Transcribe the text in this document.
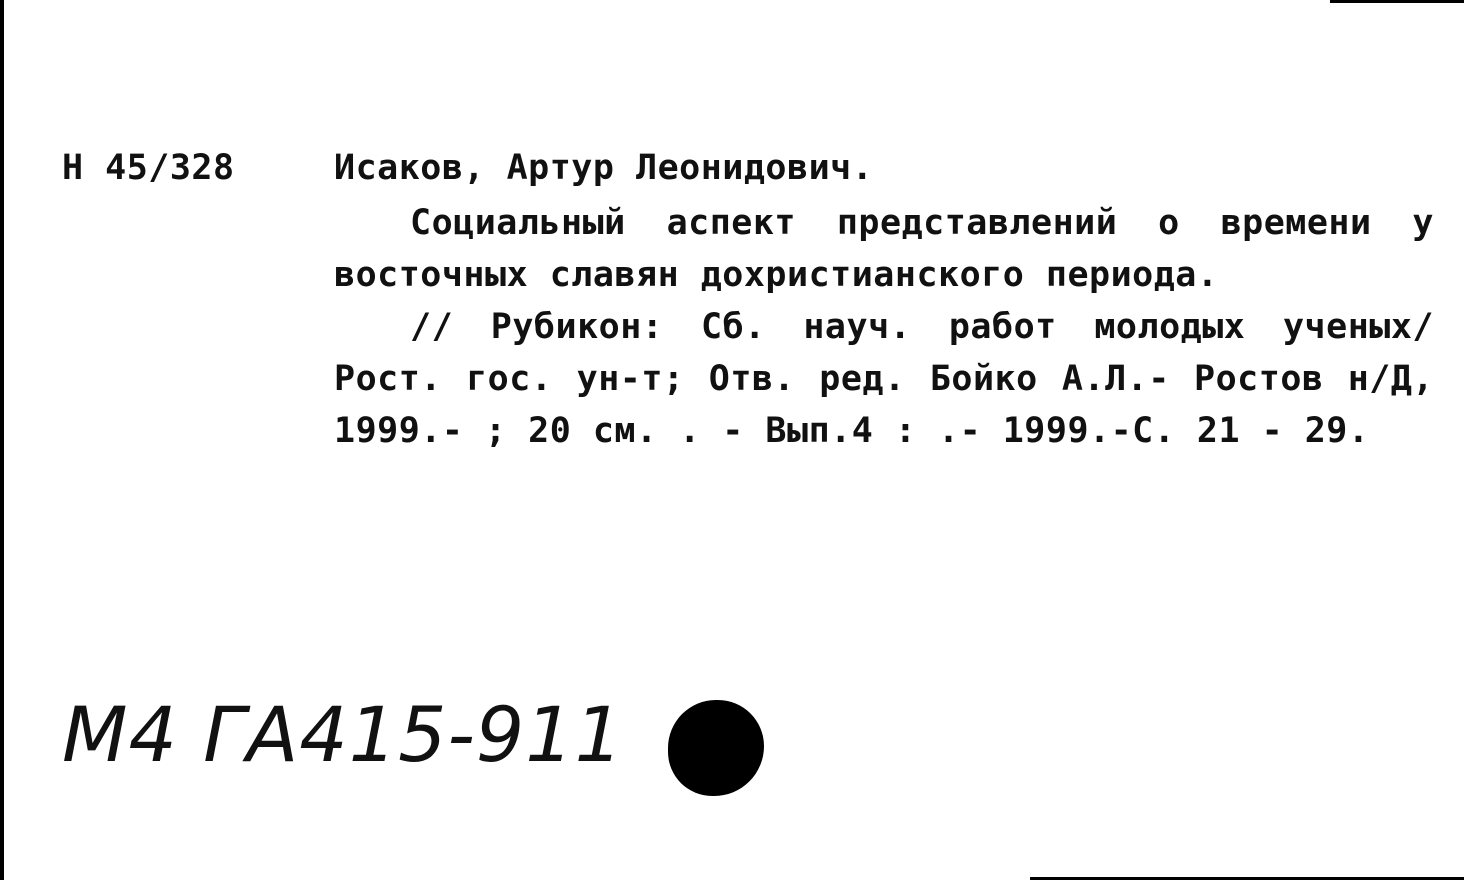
Н 45/328	Исаков, Артур Леонидович.

Социальный аспект представлений о времени у восточных славян дохристианского периода.

// Рубикон: Сб. науч. работ молодых ученых/ Рост. гос. ун-т; Отв. ред. Бойко А.Л.- Ростов н/Д, 1999.- ; 20 см. . - Вып.4 : .- 1999.-С. 21 - 29.

М4 ГА415-911
